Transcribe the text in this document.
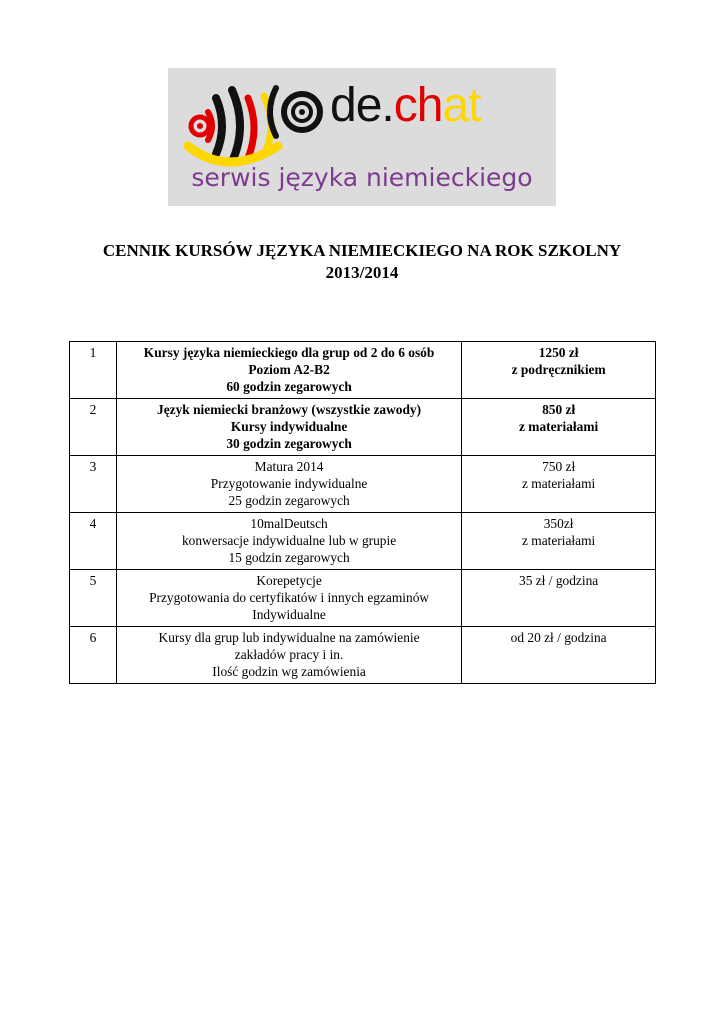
de.chat
serwis języka niemieckiego
CENNIK KURSÓW JĘZYKA NIEMIECKIEGO NA ROK SZKOLNY
2013/2014
1	Kursy języka niemieckiego dla grup od 2 do 6 osób
Poziom A2-B2
60 godzin zegarowych	1250 zł
z podręcznikiem

2	Język niemiecki branżowy (wszystkie zawody)
Kursy indywidualne
30 godzin zegarowych	850 zł
z materiałami

3	Matura 2014
Przygotowanie indywidualne
25 godzin zegarowych	750 zł
z materiałami

4	10malDeutsch
konwersacje indywidualne lub w grupie
15 godzin zegarowych	350zł
z materiałami

5	Korepetycje
Przygotowania do certyfikatów i innych egzaminów
Indywidualne	35 zł / godzina

6	Kursy dla grup lub indywidualne na zamówienie
zakładów pracy i in.
Ilość godzin wg zamówienia	od 20 zł / godzina
